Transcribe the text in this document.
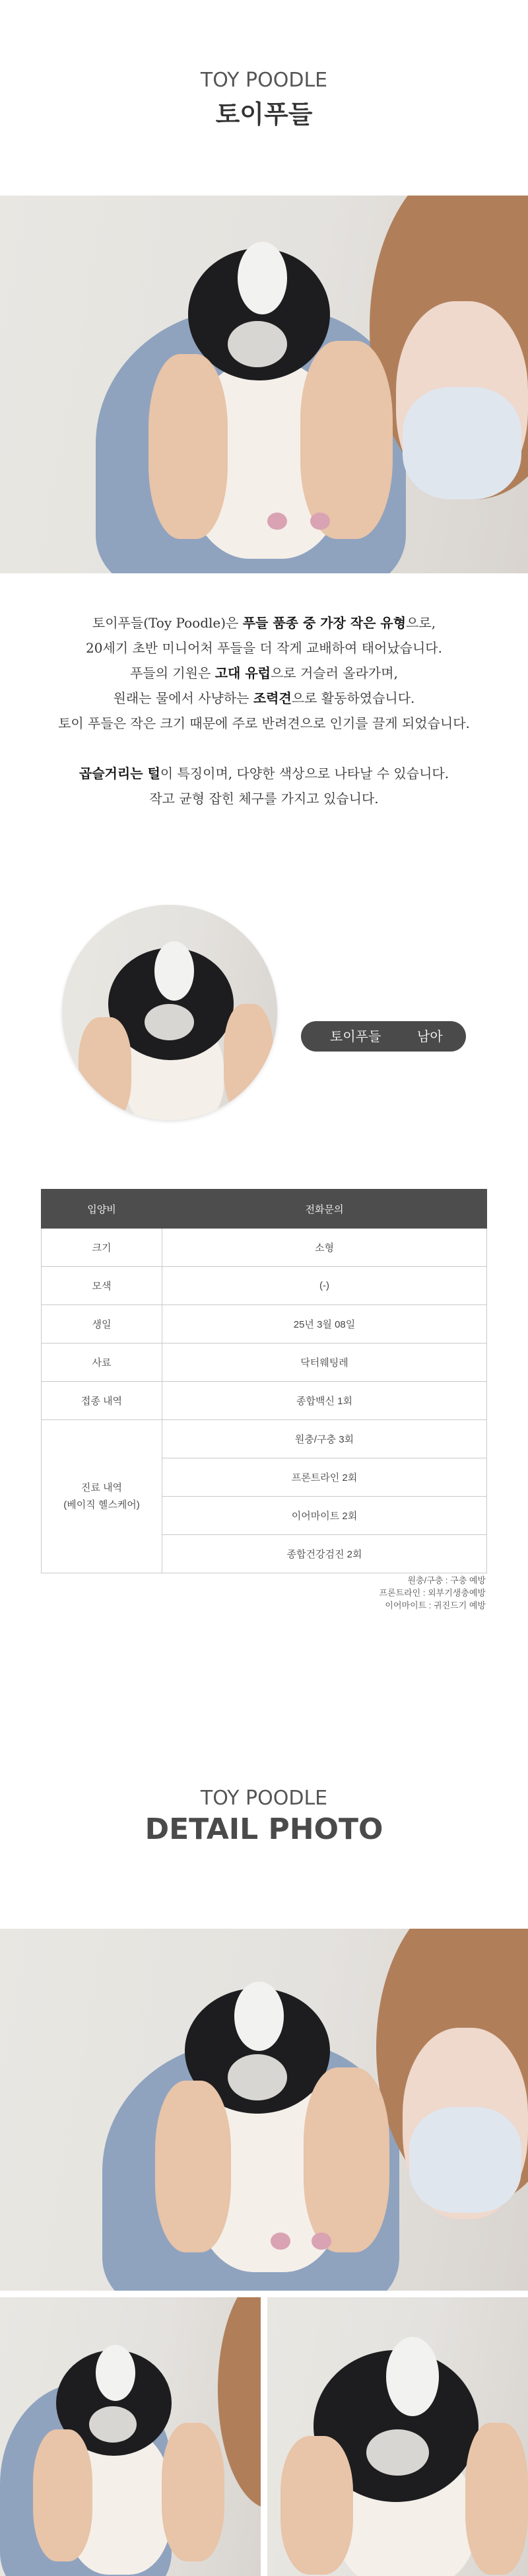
TOY POODLE
토이푸들

토이푸들(Toy Poodle)은 푸들 품종 중 가장 작은 유형으로,

20세기 초반 미니어처 푸들을 더 작게 교배하여 태어났습니다.

푸들의 기원은 고대 유럽으로 거슬러 올라가며,

원래는 물에서 사냥하는 조력견으로 활동하였습니다.

토이 푸들은 작은 크기 때문에 주로 반려견으로 인기를 끌게 되었습니다.

곱슬거리는 털이 특징이며, 다양한 색상으로 나타날 수 있습니다.

작고 균형 잡힌 체구를 가지고 있습니다.

토이푸들	남아
입양비	전화문의
크기	소형
모색	(-)
생일	25년 3월 08일
사료	닥터웨팅레
접종 내역	종합백신 1회

진료 내역
(베이직 헬스케어)	원충/구충 3회
	프론트라인 2회
	이어마이트 2회
	종합건강검진 2회
원충/구충 : 구충 예방
프론트라인 : 외부기생충예방
이어마이트 : 귀진드기 예방
TOY POODLE
DETAIL PHOTO
